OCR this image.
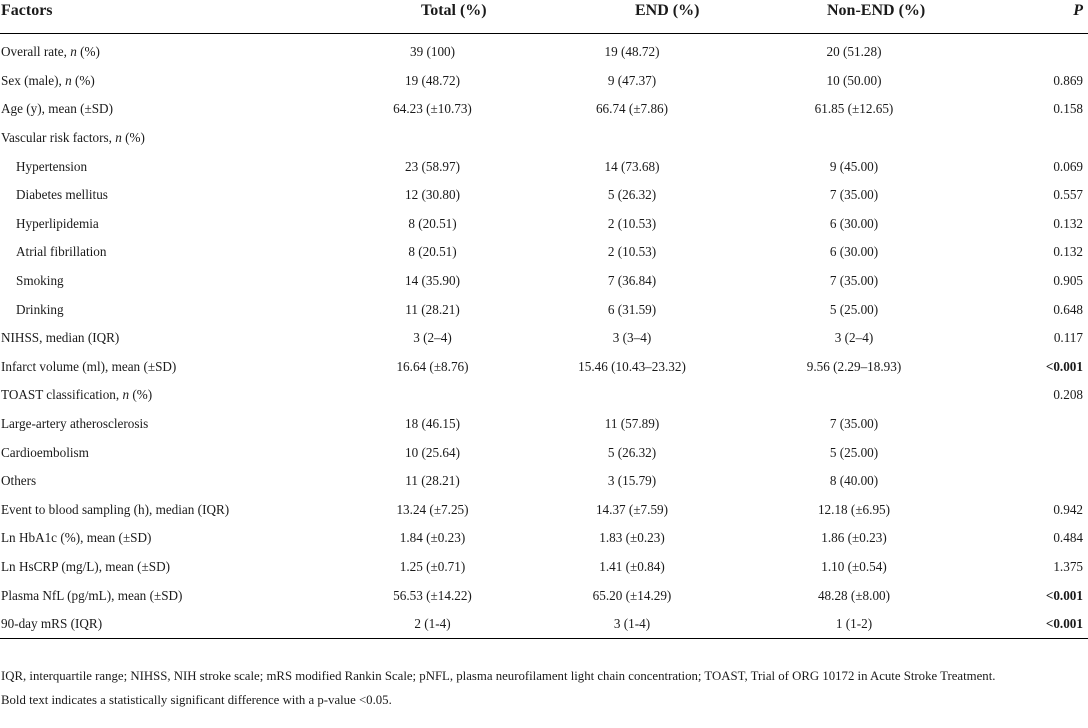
Factors	Total (%)	END (%)	Non-END (%)	P
Overall rate, n (%)	39 (100)	19 (48.72)	20 (51.28)	
Sex (male), n (%)	19 (48.72)	9 (47.37)	10 (50.00)	0.869
Age (y), mean (±SD)	64.23 (±10.73)	66.74 (±7.86)	61.85 (±12.65)	0.158
Vascular risk factors, n (%)				
Hypertension	23 (58.97)	14 (73.68)	9 (45.00)	0.069
Diabetes mellitus	12 (30.80)	5 (26.32)	7 (35.00)	0.557
Hyperlipidemia	8 (20.51)	2 (10.53)	6 (30.00)	0.132
Atrial fibrillation	8 (20.51)	2 (10.53)	6 (30.00)	0.132
Smoking	14 (35.90)	7 (36.84)	7 (35.00)	0.905
Drinking	11 (28.21)	6 (31.59)	5 (25.00)	0.648
NIHSS, median (IQR)	3 (2–4)	3 (3–4)	3 (2–4)	0.117
Infarct volume (ml), mean (±SD)	16.64 (±8.76)	15.46 (10.43–23.32)	9.56 (2.29–18.93)	<0.001
TOAST classification, n (%)				0.208
Large-artery atherosclerosis	18 (46.15)	11 (57.89)	7 (35.00)	
Cardioembolism	10 (25.64)	5 (26.32)	5 (25.00)	
Others	11 (28.21)	3 (15.79)	8 (40.00)	
Event to blood sampling (h), median (IQR)	13.24 (±7.25)	14.37 (±7.59)	12.18 (±6.95)	0.942
Ln HbA1c (%), mean (±SD)	1.84 (±0.23)	1.83 (±0.23)	1.86 (±0.23)	0.484
Ln HsCRP (mg/L), mean (±SD)	1.25 (±0.71)	1.41 (±0.84)	1.10 (±0.54)	1.375
Plasma NfL (pg/mL), mean (±SD)	56.53 (±14.22)	65.20 (±14.29)	48.28 (±8.00)	<0.001
90-day mRS (IQR)	2 (1-4)	3 (1-4)	1 (1-2)	<0.001

IQR, interquartile range; NIHSS, NIH stroke scale; mRS modified Rankin Scale; pNFL, plasma neurofilament light chain concentration; TOAST, Trial of ORG 10172 in Acute Stroke Treatment.

Bold text indicates a statistically significant difference with a p-value <0.05.
